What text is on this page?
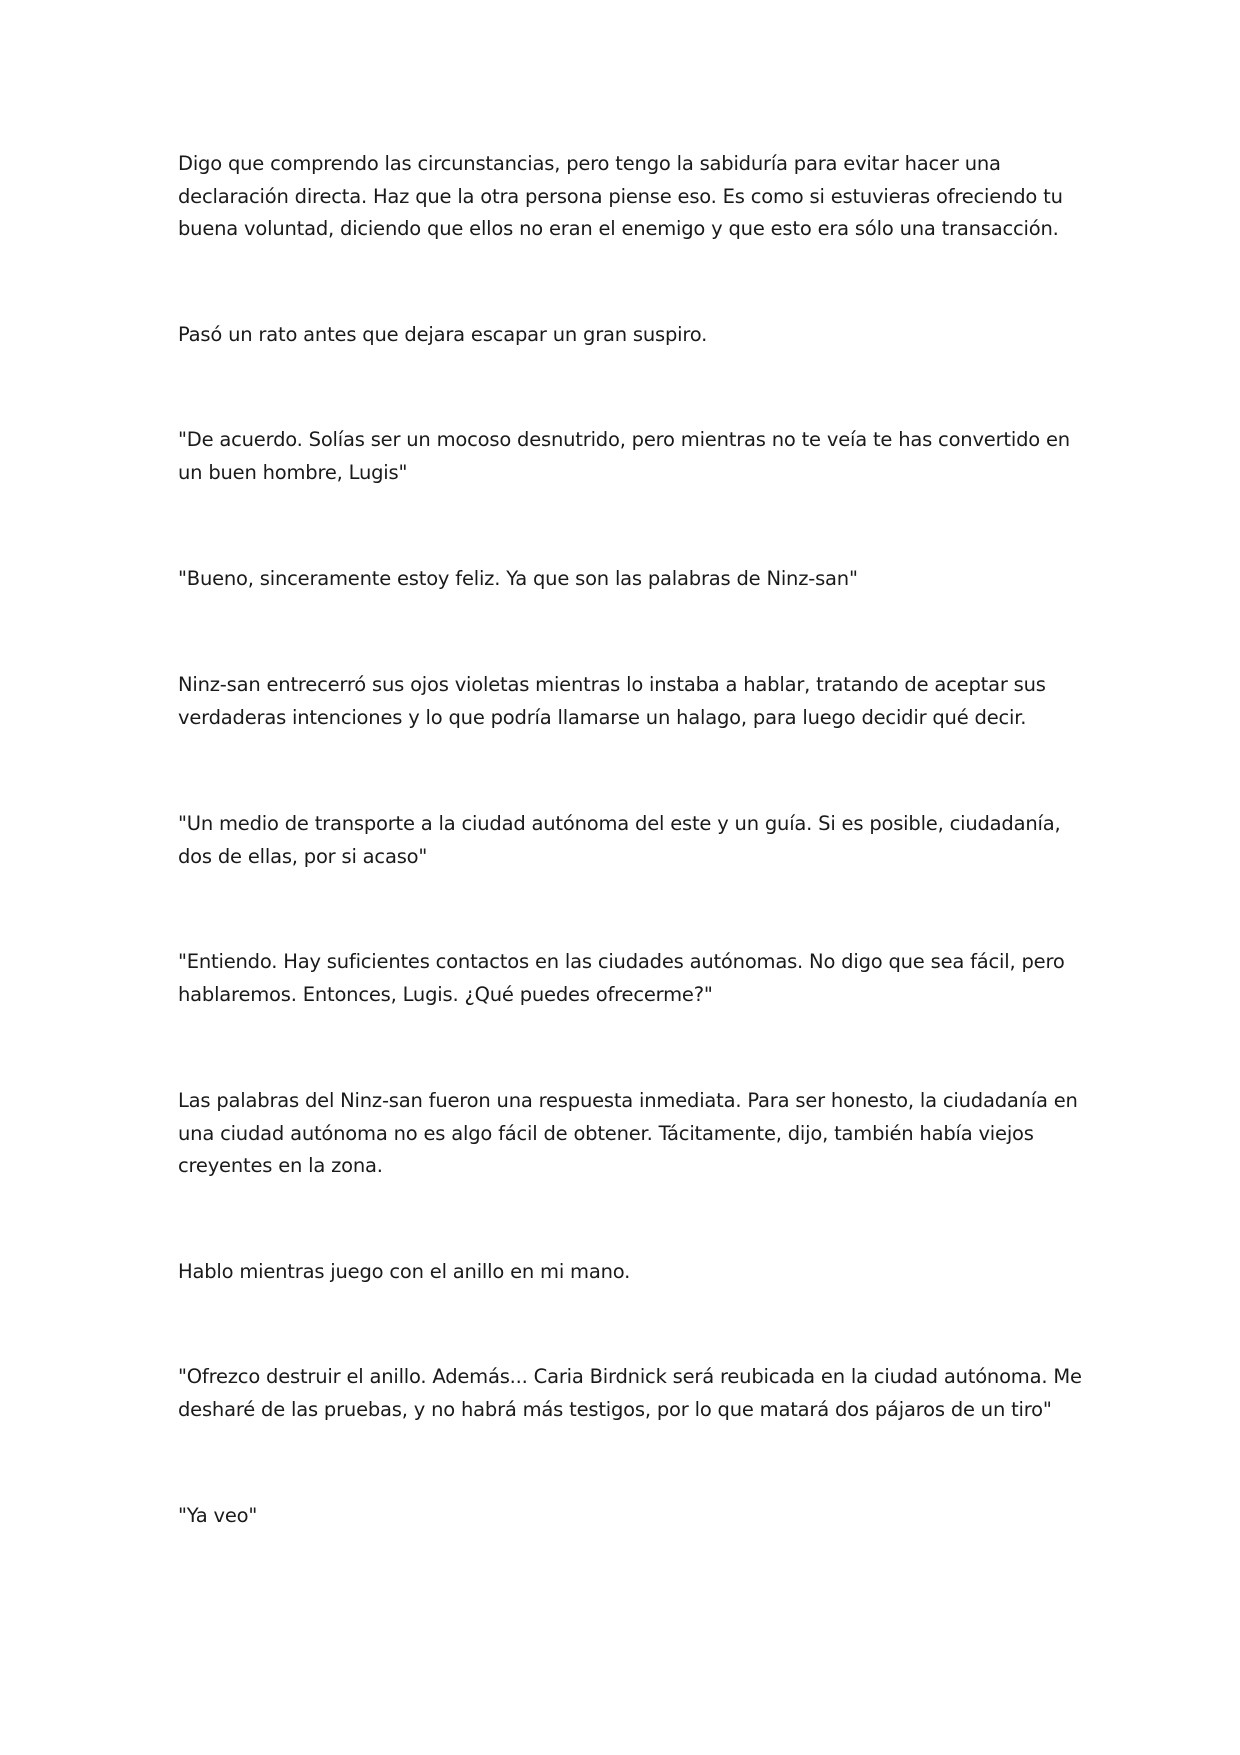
Digo que comprendo las circunstancias, pero tengo la sabiduría para evitar hacer una
declaración directa. Haz que la otra persona piense eso. Es como si estuvieras ofreciendo tu
buena voluntad, diciendo que ellos no eran el enemigo y que esto era sólo una transacción.

Pasó un rato antes que dejara escapar un gran suspiro.

"De acuerdo. Solías ser un mocoso desnutrido, pero mientras no te veía te has convertido en
un buen hombre, Lugis"

"Bueno, sinceramente estoy feliz. Ya que son las palabras de Ninz-san"

Ninz-san entrecerró sus ojos violetas mientras lo instaba a hablar, tratando de aceptar sus
verdaderas intenciones y lo que podría llamarse un halago, para luego decidir qué decir.

"Un medio de transporte a la ciudad autónoma del este y un guía. Si es posible, ciudadanía,
dos de ellas, por si acaso"

"Entiendo. Hay suficientes contactos en las ciudades autónomas. No digo que sea fácil, pero
hablaremos. Entonces, Lugis. ¿Qué puedes ofrecerme?"

Las palabras del Ninz-san fueron una respuesta inmediata. Para ser honesto, la ciudadanía en
una ciudad autónoma no es algo fácil de obtener. Tácitamente, dijo, también había viejos
creyentes en la zona.

Hablo mientras juego con el anillo en mi mano.

"Ofrezco destruir el anillo. Además... Caria Birdnick será reubicada en la ciudad autónoma. Me
desharé de las pruebas, y no habrá más testigos, por lo que matará dos pájaros de un tiro"

"Ya veo"
